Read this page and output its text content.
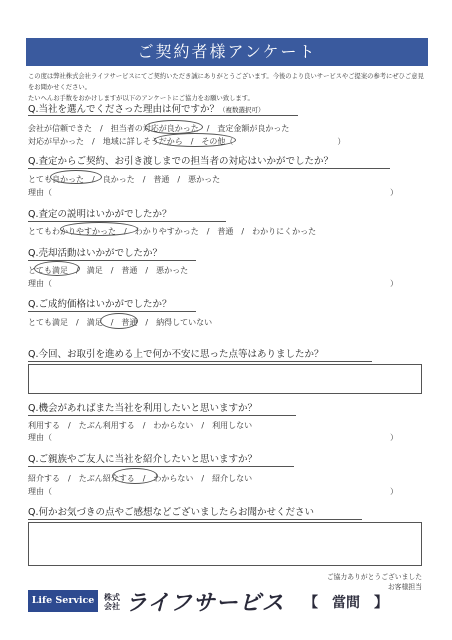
ご契約者様アンケート
この度は弊社株式会社ライフサービスにてご契約いただき誠にありがとうございます。今後のより良いサービスやご提案の参考にぜひご意見をお聞かせください。
たいへんお手数をおかけしますが以下のアンケートにご協力をお願い致します。
Q.当社を選んでくださった理由は何ですか？（複数選択可）
会社が信頼できた　/　担当者の対応が良かった　/　査定金額が良かった
対応が早かった　/　地域に詳しそうだから　/　その他（　　　　　　　　　　　　　）
Q.査定からご契約、お引き渡しまでの担当者の対応はいかがでしたか？
とても良かった　/　良かった　/　普通　/　悪かった
理由（	）
Q.査定の説明はいかがでしたか？
とてもわかりやすかった　/　わかりやすかった　/　普通　/　わかりにくかった
Q.売却活動はいかがでしたか？
とても満足　/　満足　/　普通　/　悪かった
理由（	）
Q.ご成約価格はいかがでしたか？
とても満足　/　満足　/　普通　/　納得していない
Q.今回、お取引を進める上で何か不安に思った点等はありましたか？
Q.機会があればまた当社を利用したいと思いますか？
利用する　/　たぶん利用する　/　わからない　/　利用しない
理由（	）
Q.ご親族やご友人に当社を紹介したいと思いますか？
紹介する　/　たぶん紹介する　/　わからない　/　紹介しない
理由（	）
Q.何かお気づきの点やご感想などございましたらお聞かせください
ご協力ありがとうございました
お客様担当
Life Service	株式
会社 ライフサービス 【　當間　】
